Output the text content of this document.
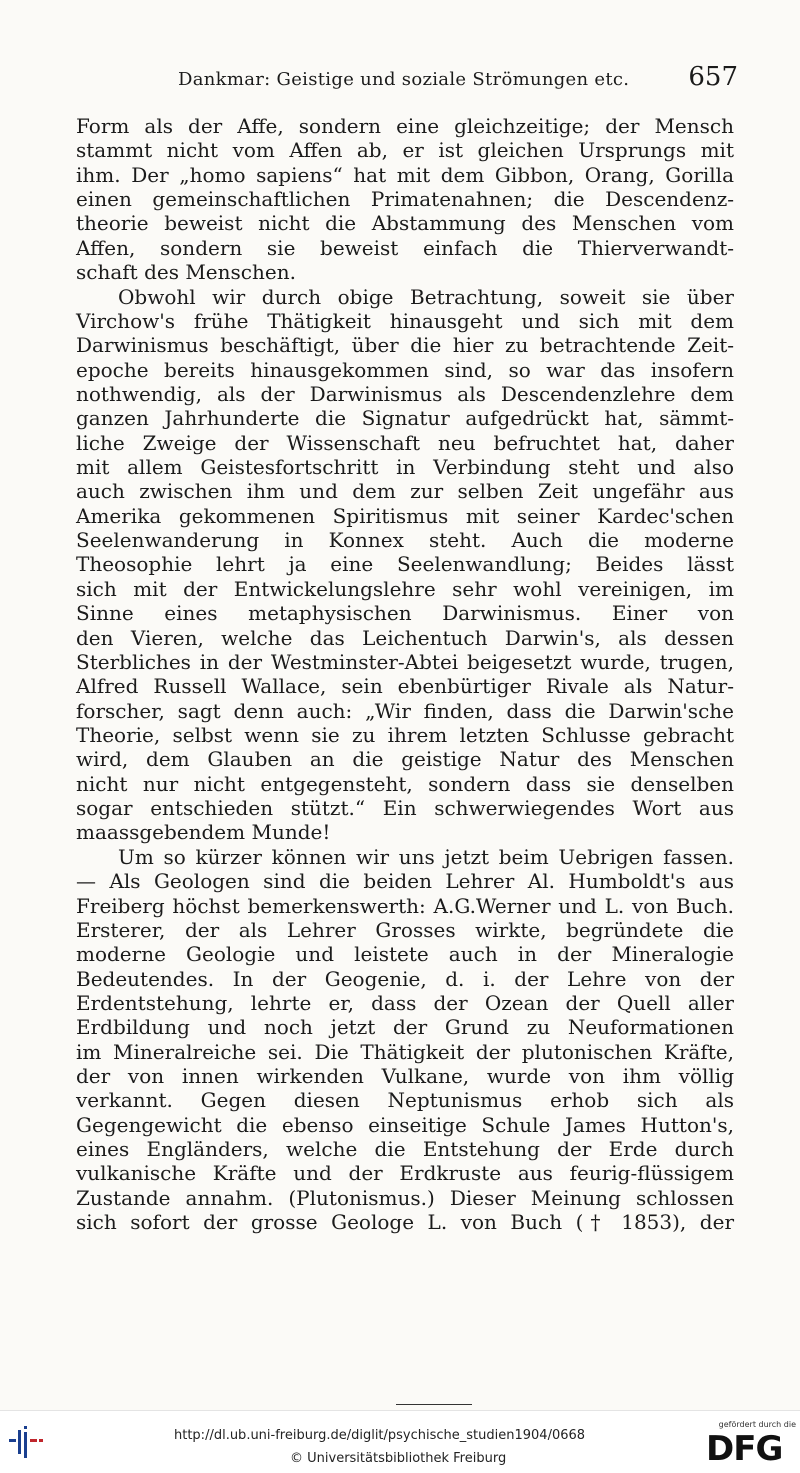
Dankmar: Geistige und soziale Strömungen etc. 657
Form als der Affe, sondern eine gleichzeitige; der Mensch
stammt nicht vom Affen ab, er ist gleichen Ursprungs mit
ihm. Der „homo sapiens“ hat mit dem Gibbon, Orang, Gorilla
einen gemeinschaftlichen Primatenahnen; die Descendenz-
theorie beweist nicht die Abstammung des Menschen vom
Affen, sondern sie beweist einfach die Thierverwandt-
schaft des Menschen.
Obwohl wir durch obige Betrachtung, soweit sie über
Virchow's frühe Thätigkeit hinausgeht und sich mit dem
Darwinismus beschäftigt, über die hier zu betrachtende Zeit-
epoche bereits hinausgekommen sind, so war das insofern
nothwendig, als der Darwinismus als Descendenzlehre dem
ganzen Jahrhunderte die Signatur aufgedrückt hat, sämmt-
liche Zweige der Wissenschaft neu befruchtet hat, daher
mit allem Geistesfortschritt in Verbindung steht und also
auch zwischen ihm und dem zur selben Zeit ungefähr aus
Amerika gekommenen Spiritismus mit seiner Kardec'schen
Seelenwanderung in Konnex steht. Auch die moderne
Theosophie lehrt ja eine Seelenwandlung; Beides lässt
sich mit der Entwickelungslehre sehr wohl vereinigen, im
Sinne eines metaphysischen Darwinismus. Einer von
den Vieren, welche das Leichentuch Darwin's, als dessen
Sterbliches in der Westminster-Abtei beigesetzt wurde, trugen,
Alfred Russell Wallace, sein ebenbürtiger Rivale als Natur-
forscher, sagt denn auch: „Wir finden, dass die Darwin'sche
Theorie, selbst wenn sie zu ihrem letzten Schlusse gebracht
wird, dem Glauben an die geistige Natur des Menschen
nicht nur nicht entgegensteht, sondern dass sie denselben
sogar entschieden stützt.“ Ein schwerwiegendes Wort aus
maassgebendem Munde!
Um so kürzer können wir uns jetzt beim Uebrigen fassen.
— Als Geologen sind die beiden Lehrer Al. Humboldt's aus
Freiberg höchst bemerkenswerth: A.G.Werner und L. von Buch.
Ersterer, der als Lehrer Grosses wirkte, begründete die
moderne Geologie und leistete auch in der Mineralogie
Bedeutendes. In der Geogenie, d. i. der Lehre von der
Erdentstehung, lehrte er, dass der Ozean der Quell aller
Erdbildung und noch jetzt der Grund zu Neuformationen
im Mineralreiche sei. Die Thätigkeit der plutonischen Kräfte,
der von innen wirkenden Vulkane, wurde von ihm völlig
verkannt. Gegen diesen Neptunismus erhob sich als
Gegengewicht die ebenso einseitige Schule James Hutton's,
eines Engländers, welche die Entstehung der Erde durch
vulkanische Kräfte und der Erdkruste aus feurig-flüssigem
Zustande annahm. (Plutonismus.) Dieser Meinung schlossen
sich sofort der grosse Geologe L. von Buch († 1853), der
http://dl.ub.uni-freiburg.de/diglit/psychische_studien1904/0668
© Universitätsbibliothek Freiburg
gefördert durch die
DFG
